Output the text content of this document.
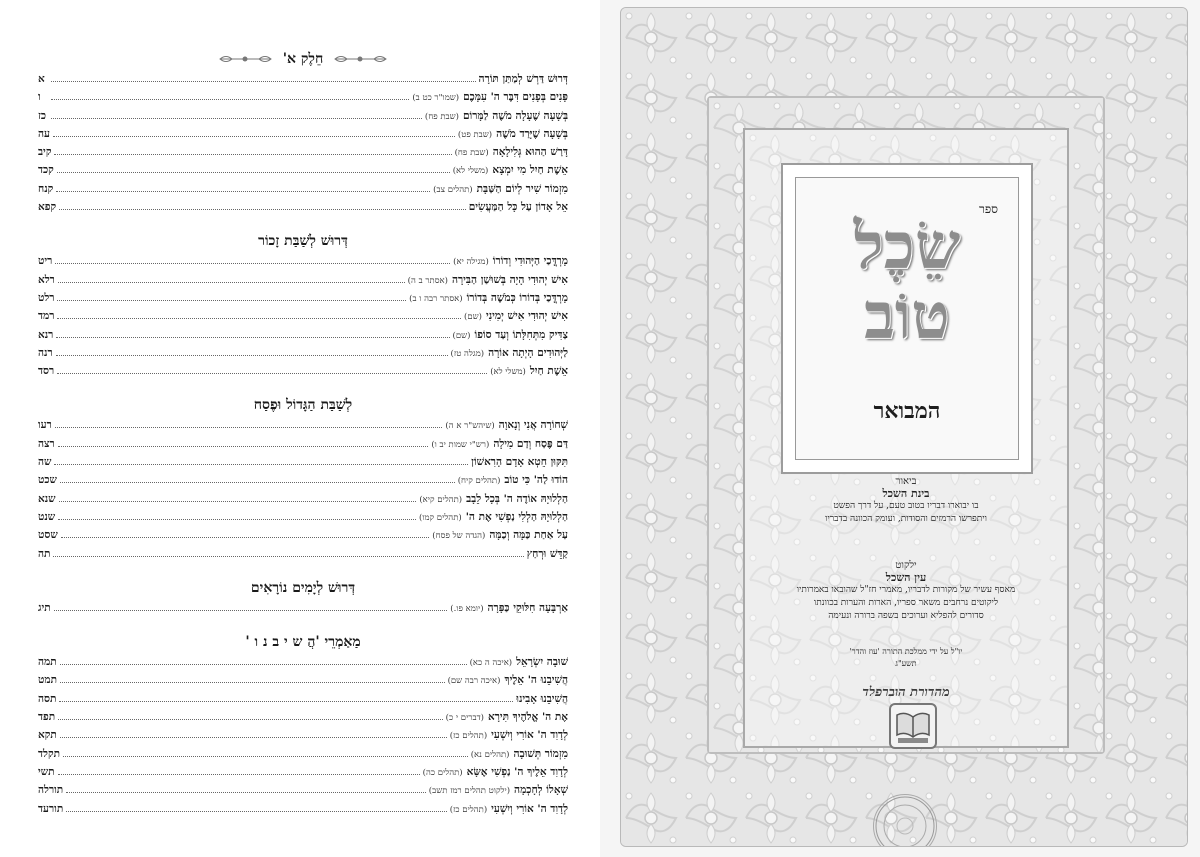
חֵלֶק א'
דְּרוּשׁ דַּרְשׁ לְמַתַּן תּוֹרָה
א
פָּנִים בְּפָנִים דִּבֶּר ה' עִמָּכֶם
(שמו"ר כט ב)
ו
בְּשָׁעָה שֶׁעָלָה מֹשֶׁה לַמָּרוֹם
(שבת פח)
כז
בְּשָׁעָה שֶׁיָּרַד מֹשֶׁה
(שבת פט)
עה
דָּרַשׁ הַהוּא גְּלִילָאָה
(שבת פח)
קיב
אֵשֶׁת חַיִל מִי יִמְצָא
(משלי לא)
קכד
מִזְמוֹר שִׁיר לְיוֹם הַשַּׁבָּת
(תהלים צב)
קנח
אֵל אָדוֹן עַל כָּל הַמַּעֲשִׂים
קפא
דְּרוּשׁ לְשַׁבַּת זָכוֹר
מָרְדֳּכַי הַיְּהוּדִי וְדוֹרוֹ
(מגילה יא)
ריט
אִישׁ יְהוּדִי הָיָה בְּשׁוּשַׁן הַבִּירָה
(אסתר ב ה)
רלא
מָרְדֳּכַי בְּדוֹרוֹ כְּמֹשֶׁה בְּדוֹרוֹ
(אסתר רבה ו ב)
רלט
אִישׁ יְהוּדִי אִישׁ יְמִינִי
(שם)
רמד
צַדִּיק מִתְּחִלָּתוֹ וְעַד סוֹפוֹ
(שם)
רנא
לַיְּהוּדִים הָיְתָה אוֹרָה
(מגלה טז)
רנה
אֵשֶׁת חַיִל
(משלי לא)
רסד
לְשַׁבַּת הַגָּדוֹל וּפֶסַח
שְׁחוֹרָה אֲנִי וְנָאוָה
(שיהש"ר א ה)
רעו
דַּם פֶּסַח וְדַם מִילָה
(רש"י שמות יב ו)
רצה
תִּקּוּן חֵטְא אָדָם הָרִאשׁוֹן
שה
הוֹדוּ לַה' כִּי טוֹב
(תהלים קיח)
שכט
הַלְלוּיָהּ אוֹדֶה ה' בְּכָל לֵבָב
(תהלים קיא)
שנא
הַלְלוּיָהּ הַלְלִי נַפְשִׁי אֶת ה'
(תהלים קמו)
שנט
עַל אַחַת כַּמָּה וְכַמָּה
(הגדה של פסח)
שסט
קַדֵּשׁ וּרְחַץ
תה
דְּרוּשׁ לְיָמִים נוֹרָאִים
אַרְבָּעָה חִלּוּקֵי כַּפָּרָה
(יומא פו.)
תיג
מַאַמְרֵי 'הֲ ש י ב נ ו '
שׁוּבָה יִשְׂרָאֵל
(איכה ה כא)
תמה
הֲשִׁיבֵנוּ ה' אֵלֶיךָ
(איכה רבה שם)
תמט
הֲשִׁיבֵנוּ אָבִינוּ
תסה
אֶת ה' אֱלֹהֶיךָ תִּירָא
(דברים י כ)
תפד
לְדָוִד ה' אוֹרִי וְיִשְׁעִי
(תהלים כז)
תקא
מִזְמוֹר תְּשׁוּבָה
(תהלים נא)
תקלד
לְדָוִד אֵלֶיךָ ה' נַפְשִׁי אֶשָּׂא
(תהלים כה)
תשי
שְׁאָלוֹ לְחָכְמָה
(ילקוט תהלים רמז תשב)
תורלה
לְדָוִד ה' אוֹרִי וְיִשְׁעִי
(תהלים כז)
תורעד
ספר
שֵׂכֶל
טוֹב
המבואר
ביאור
בינת השכל
בו יבוארו דבריו בטוב טעם, על דרך הפשט
ויתפרשו הרמזים והסודות, ועומק הכוונה בדבריו
ילקוט
עין השכל
מאסף עשיר של מקורות לדבריו, מאמרי חז"ל שהובאו באמרותיו
ליקוטים נרחבים משאר ספריו, הארות והערות בכוונתו
סדורים להפליא וערוכים בשפה ברורה ונעימה
יו"ל על ידי ממלכת התורה 'עוז והדר'
תשע"ג
מהדורת הוברפלד
